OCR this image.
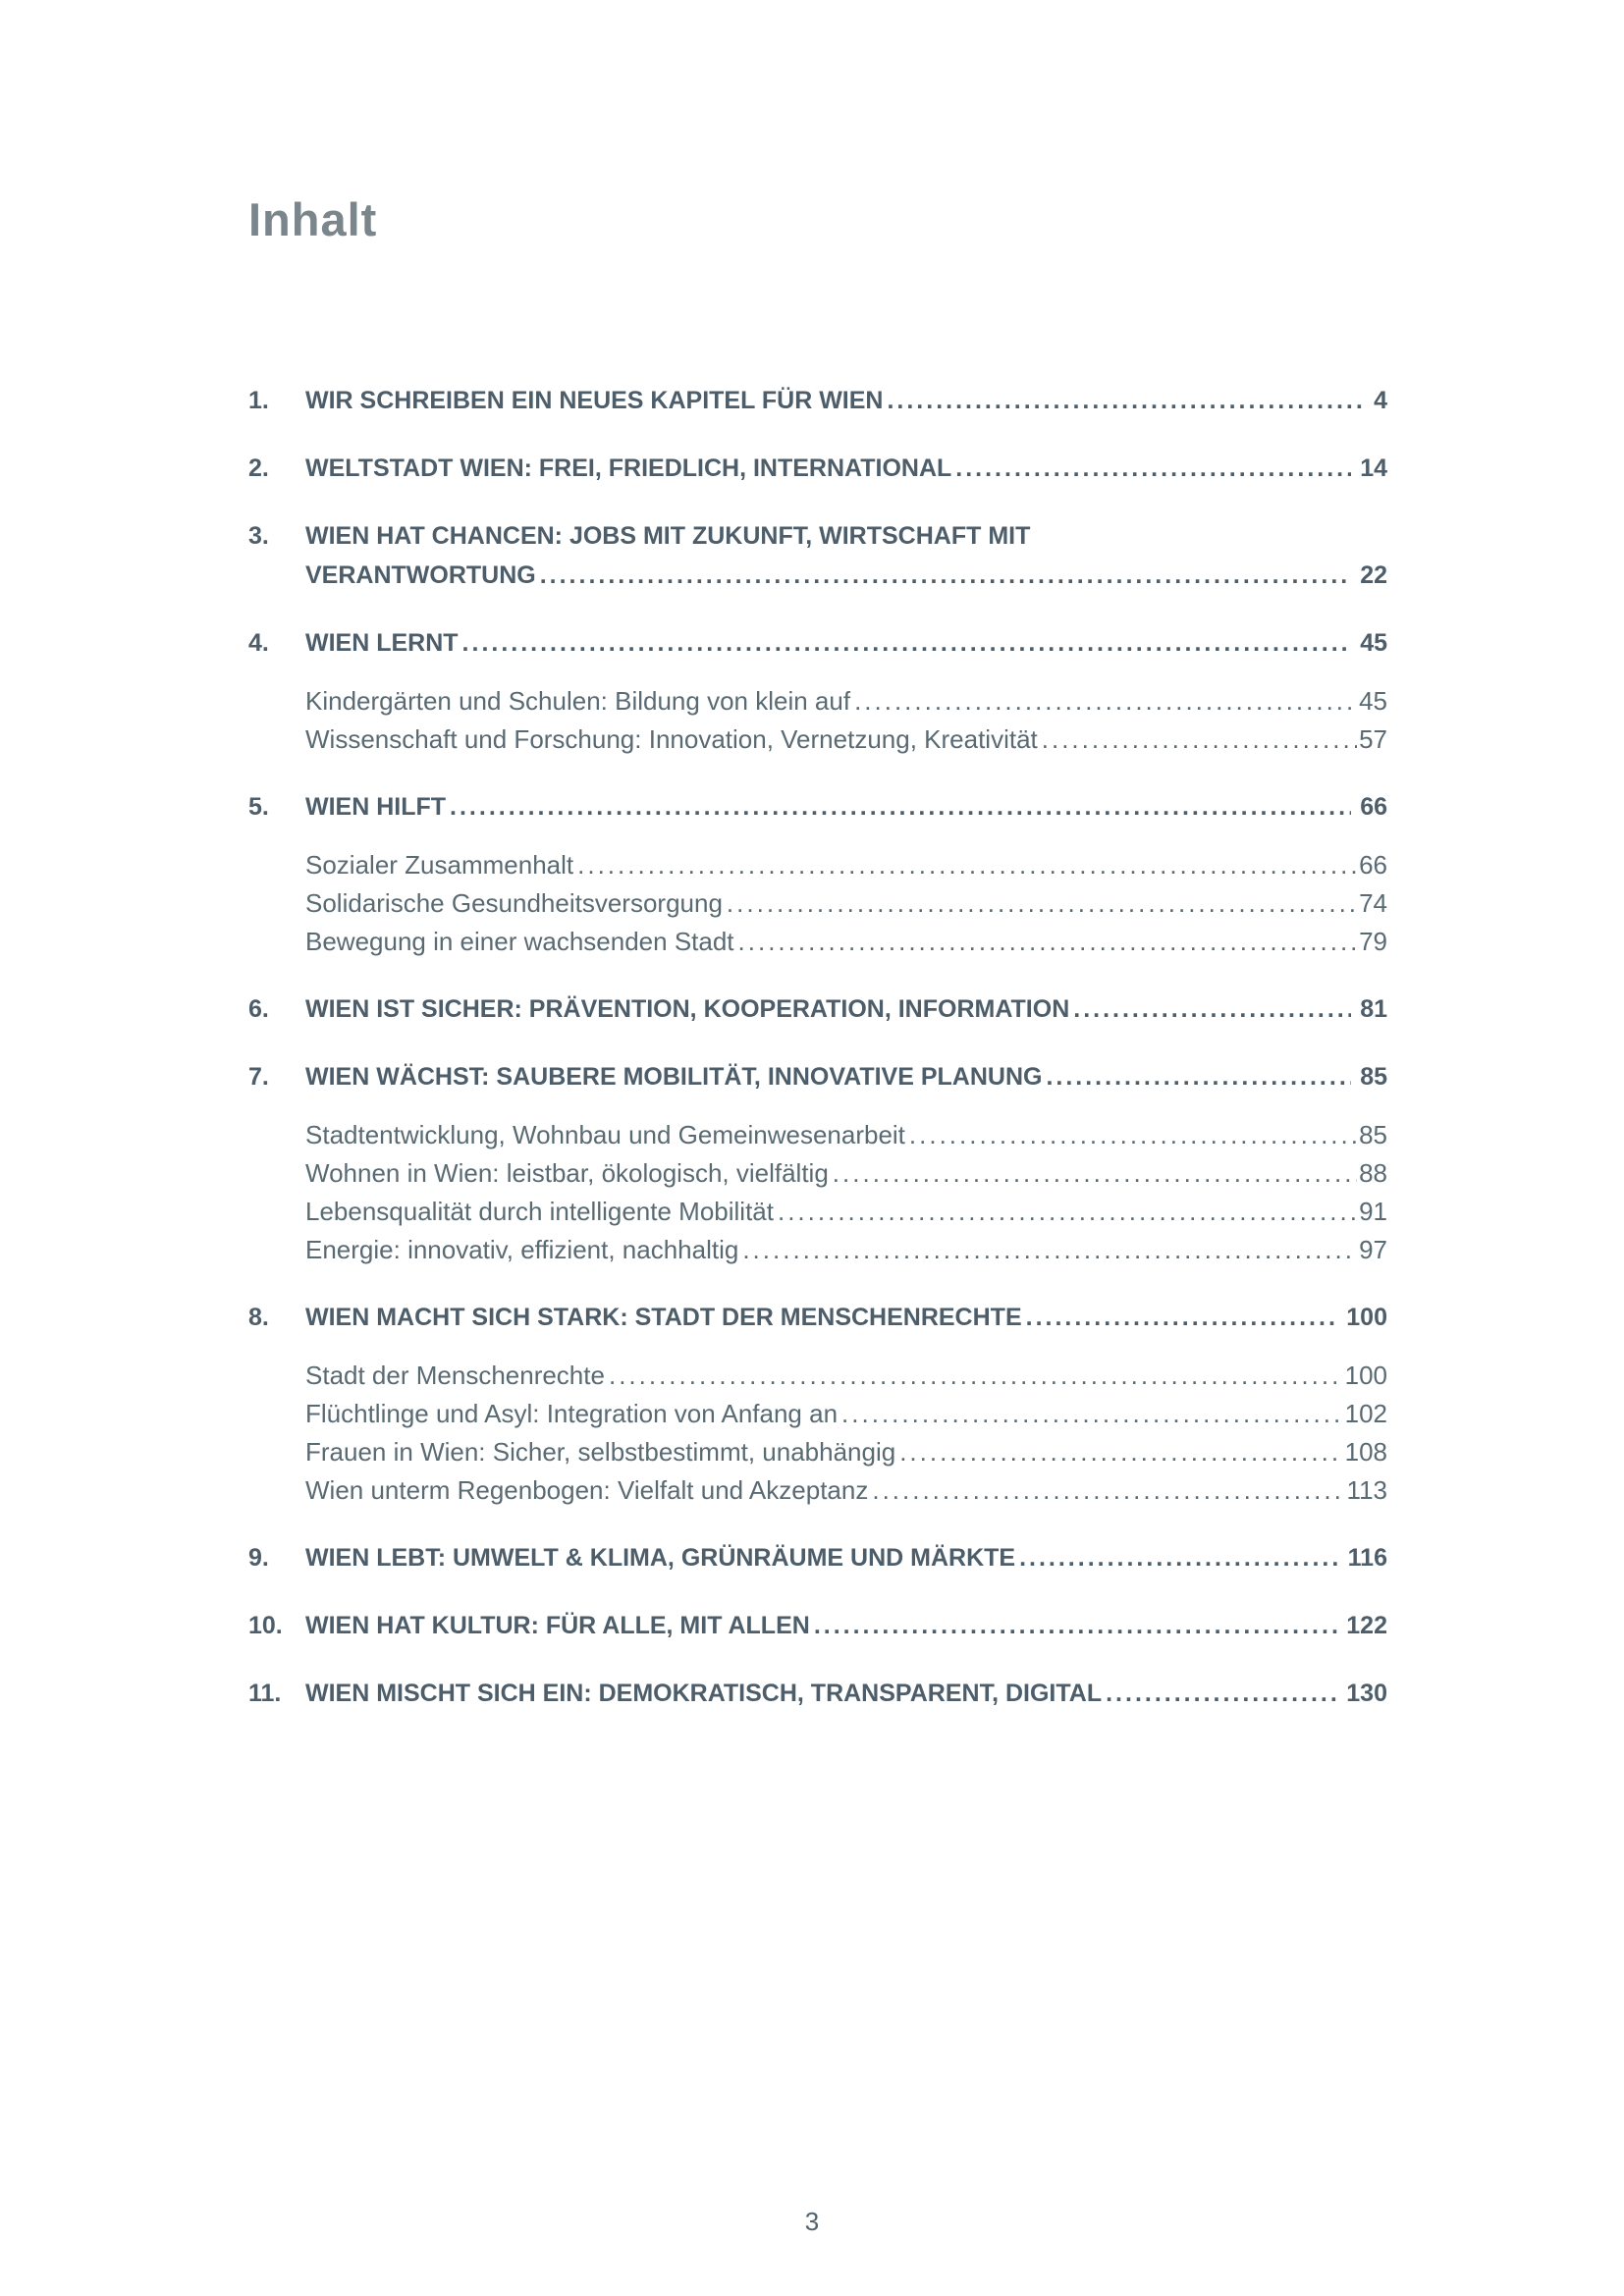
Inhalt
1.	WIR SCHREIBEN EIN NEUES KAPITEL FÜR WIEN .....	4
2.	WELTSTADT WIEN: FREI, FRIEDLICH, INTERNATIONAL .....	14
3.	WIEN HAT CHANCEN: JOBS MIT ZUKUNFT, WIRTSCHAFT MIT
VERANTWORTUNG .....	22
4.	WIEN LERNT .....	45
Kindergärten und Schulen: Bildung von klein auf .....	45
Wissenschaft und Forschung: Innovation, Vernetzung, Kreativität .....	57
5.	WIEN HILFT .....	66
Sozialer Zusammenhalt .....	66
Solidarische Gesundheitsversorgung .....	74
Bewegung in einer wachsenden Stadt .....	79
6.	WIEN IST SICHER: PRÄVENTION, KOOPERATION, INFORMATION .....	81
7.	WIEN WÄCHST: SAUBERE MOBILITÄT, INNOVATIVE PLANUNG .....	85
Stadtentwicklung, Wohnbau und Gemeinwesenarbeit .....	85
Wohnen in Wien: leistbar, ökologisch, vielfältig .....	88
Lebensqualität durch intelligente Mobilität .....	91
Energie: innovativ, effizient, nachhaltig .....	97
8.	WIEN MACHT SICH STARK: STADT DER MENSCHENRECHTE .....	100
Stadt der Menschenrechte .....	100
Flüchtlinge und Asyl: Integration von Anfang an .....	102
Frauen in Wien: Sicher, selbstbestimmt, unabhängig .....	108
Wien unterm Regenbogen: Vielfalt und Akzeptanz .....	113
9.	WIEN LEBT: UMWELT & KLIMA, GRÜNRÄUME UND MÄRKTE .....	116
10. WIEN HAT KULTUR: FÜR ALLE, MIT ALLEN .....	122
11. WIEN MISCHT SICH EIN: DEMOKRATISCH, TRANSPARENT, DIGITAL .....	130
3
